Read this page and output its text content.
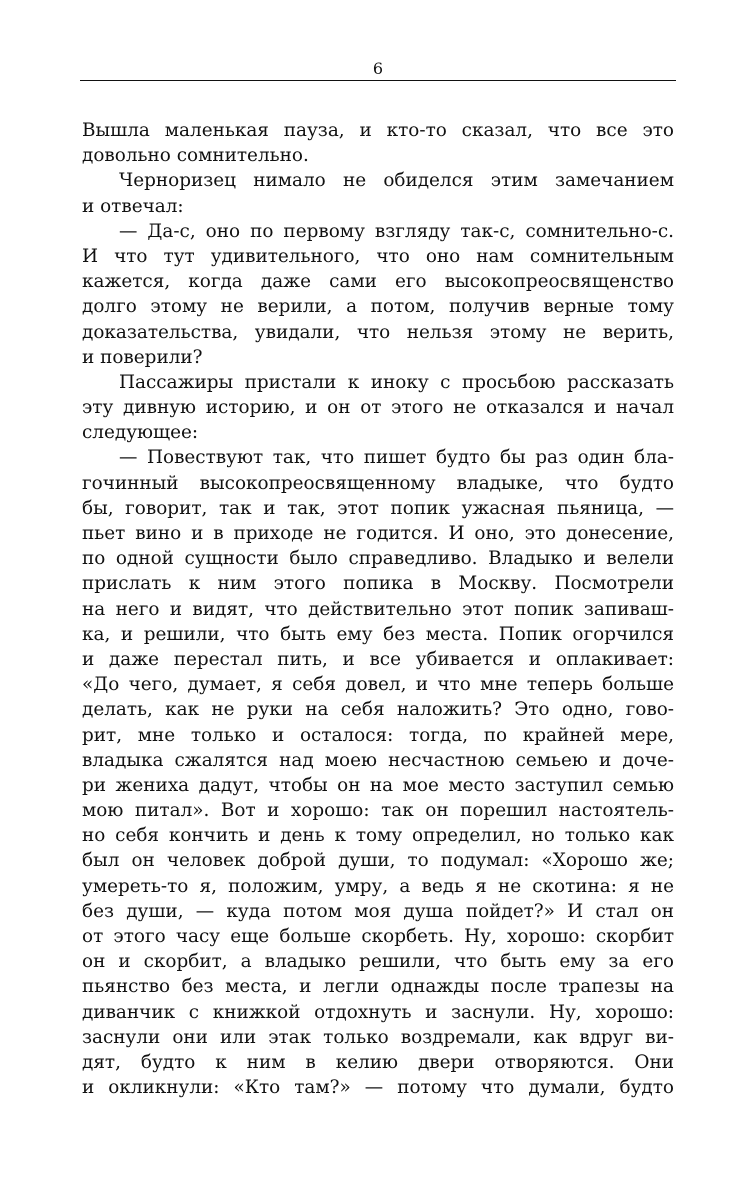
6
Вышла маленькая пауза, и кто-то сказал, что все это
довольно сомнительно.
Черноризец нимало не обиделся этим замечанием
и отвечал:
— Да-с, оно по первому взгляду так-с, сомнительно-с.
И что тут удивительного, что оно нам сомнительным
кажется, когда даже сами его высокопреосвященство
долго этому не верили, а потом, получив верные тому
доказательства, увидали, что нельзя этому не верить,
и поверили?
Пассажиры пристали к иноку с просьбою рассказать
эту дивную историю, и он от этого не отказался и начал
следующее:
— Повествуют так, что пишет будто бы раз один бла-
гочинный высокопреосвященному владыке, что будто
бы, говорит, так и так, этот попик ужасная пьяница, —
пьет вино и в приходе не годится. И оно, это донесение,
по одной сущности было справедливо. Владыко и велели
прислать к ним этого попика в Москву. Посмотрели
на него и видят, что действительно этот попик запиваш-
ка, и решили, что быть ему без места. Попик огорчился
и даже перестал пить, и все убивается и оплакивает:
«До чего, думает, я себя довел, и что мне теперь больше
делать, как не руки на себя наложить? Это одно, гово-
рит, мне только и осталося: тогда, по крайней мере,
владыка сжалятся над моею несчастною семьею и доче-
ри жениха дадут, чтобы он на мое место заступил семью
мою питал». Вот и хорошо: так он порешил настоятель-
но себя кончить и день к тому определил, но только как
был он человек доброй души, то подумал: «Хорошо же;
умереть-то я, положим, умру, а ведь я не скотина: я не
без души, — куда потом моя душа пойдет?» И стал он
от этого часу еще больше скорбеть. Ну, хорошо: скорбит
он и скорбит, а владыко решили, что быть ему за его
пьянство без места, и легли однажды после трапезы на
диванчик с книжкой отдохнуть и заснули. Ну, хорошо:
заснули они или этак только воздремали, как вдруг ви-
дят, будто к ним в келию двери отворяются. Они
и окликнули: «Кто там?» — потому что думали, будто
